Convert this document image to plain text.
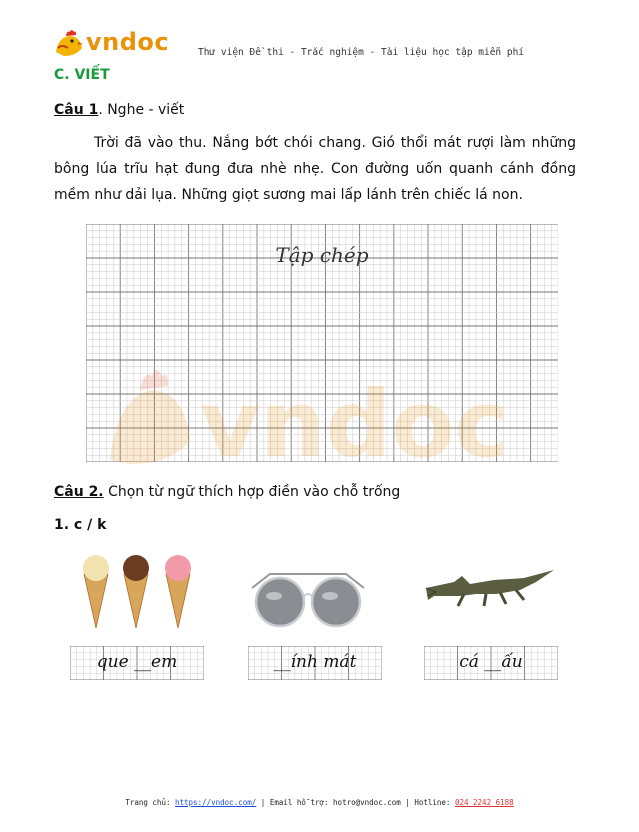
vndoc	Thư viện Đề thi - Trắc nghiệm - Tài liệu học tập miễn phí
C. VIẾT
Câu 1. Nghe - viết
Trời đã vào thu. Nắng bớt chói chang. Gió thổi mát rượi làm những bông lúa trĩu hạt đung đưa nhè nhẹ. Con đường uốn quanh cánh đồng mềm như dải lụa. Những giọt sương mai lấp lánh trên chiếc lá non.
Tập chép
vndoc
Câu 2. Chọn từ ngữ thích hợp điền vào chỗ trống
1. c / k
que __em	__ính mát	cá __ấu
Trang chủ: https://vndoc.com/ | Email hỗ trợ: hotro@vndoc.com | Hotline: 024 2242 6188
